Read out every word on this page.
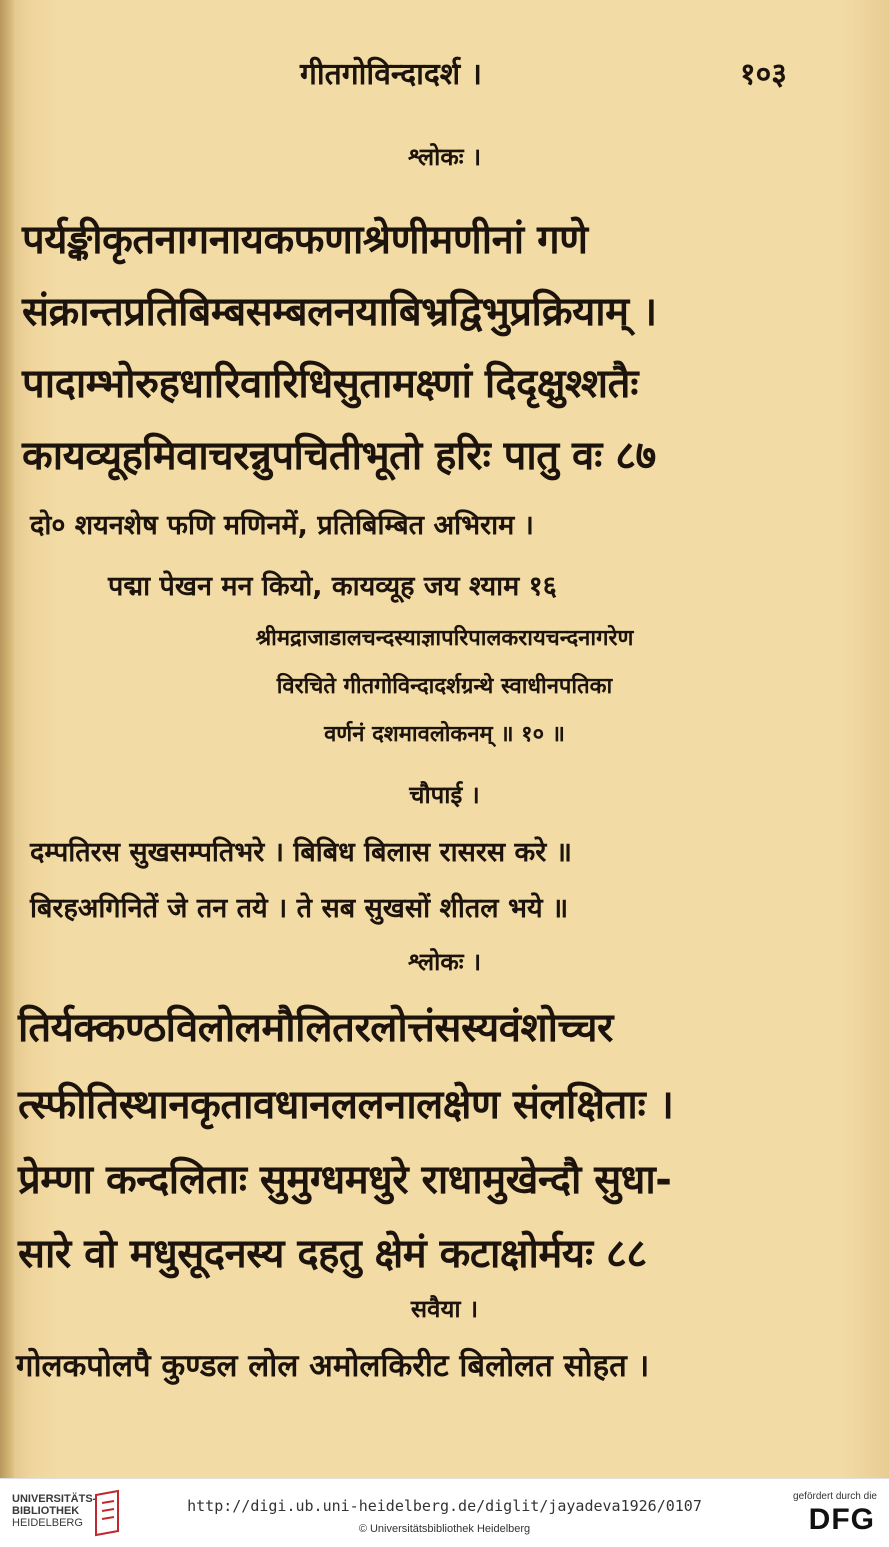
गीतगोविन्दादर्श ।	१०३
श्लोकः ।
पर्यङ्कीकृतनागनायकफणाश्रेणीमणीनां गणे
संक्रान्तप्रतिबिम्बसम्बलनयाबिभ्रद्विभुप्रक्रियाम् ।
पादाम्भोरुहधारिवारिधिसुतामक्ष्णां दिदृक्षुश्शतैः
कायव्यूहमिवाचरन्नुपचितीभूतो हरिः पातु वः ८७
दो० शयनशेष फणि मणिनमें, प्रतिबिम्बित अभिराम ।
पद्मा पेखन मन कियो, कायव्यूह जय श्याम १६
श्रीमद्राजाडालचन्दस्याज्ञापरिपालकरायचन्दनागरेण
विरचिते गीतगोविन्दादर्शग्रन्थे स्वाधीनपतिका
वर्णनं दशमावलोकनम् ॥ १० ॥
चौपाई ।
दम्पतिरस सुखसम्पतिभरे । बिबिध बिलास रासरस करे ॥
बिरहअगिनितें जे तन तये । ते सब सुखसों शीतल भये ॥
श्लोकः ।
तिर्यक्कण्ठविलोलमौलितरलोत्तंसस्यवंशोच्चर
त्स्फीतिस्थानकृतावधानललनालक्षेण संलक्षिताः ।
प्रेम्णा कन्दलिताः सुमुग्धमधुरे राधामुखेन्दौ सुधा-
सारे वो मधुसूदनस्य दहतु क्षेमं कटाक्षोर्मयः ८८
सवैया ।
गोलकपोलपै कुण्डल लोल अमोलकिरीट बिलोलत सोहत ।
UNIVERSITÄTS-
BIBLIOTHEK
HEIDELBERG
http://digi.ub.uni-heidelberg.de/diglit/jayadeva1926/0107
© Universitätsbibliothek Heidelberg
gefördert durch die
DFG
